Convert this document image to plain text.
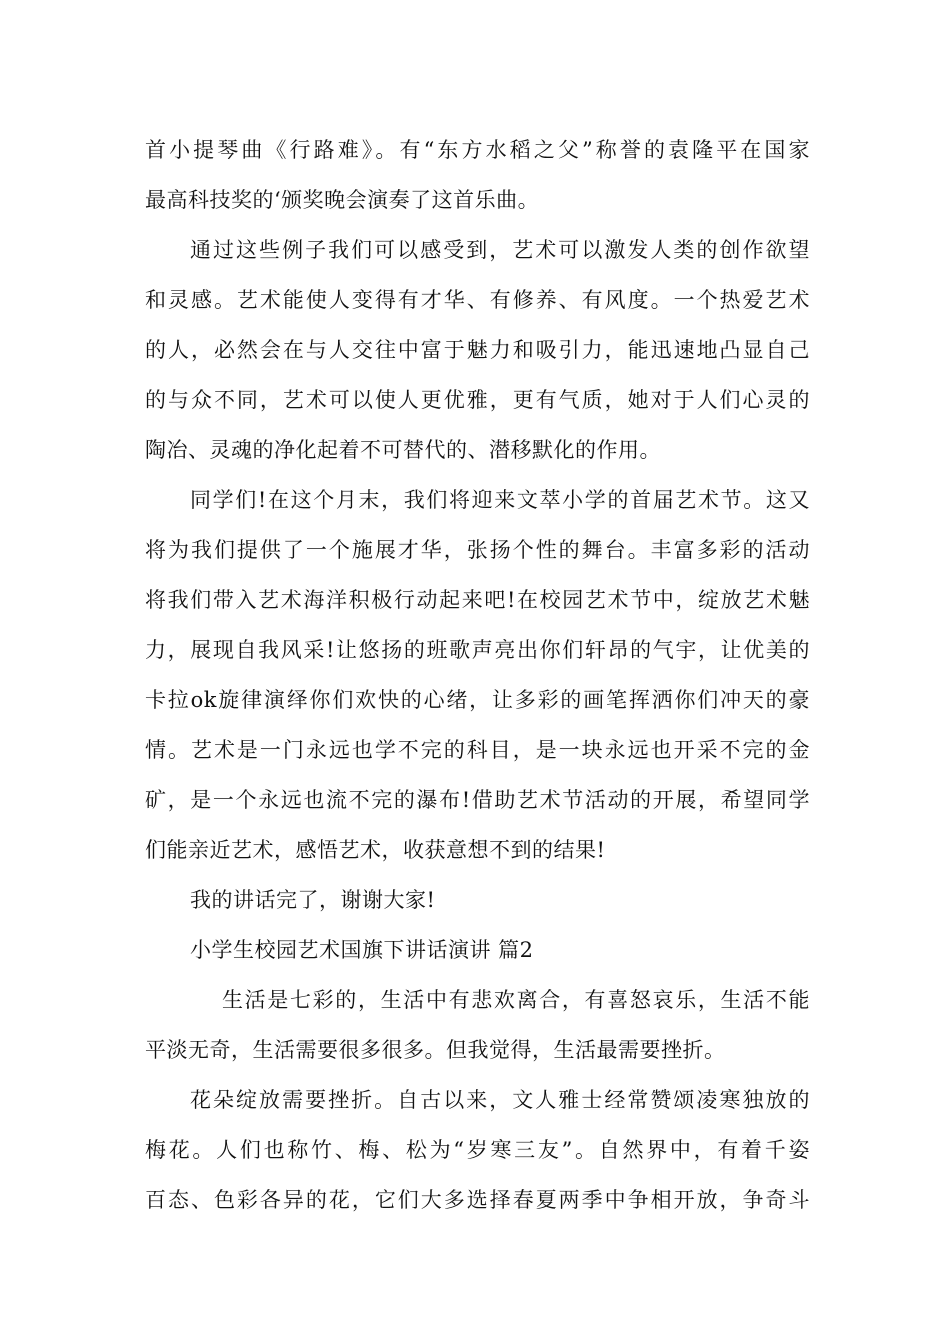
首小提琴曲《行路难》。有“东方水稻之父”称誉的袁隆平在国家
最高科技奖的‘颁奖晚会演奏了这首乐曲。
通过这些例子我们可以感受到，艺术可以激发人类的创作欲望
和灵感。艺术能使人变得有才华、有修养、有风度。一个热爱艺术
的人，必然会在与人交往中富于魅力和吸引力，能迅速地凸显自己
的与众不同，艺术可以使人更优雅，更有气质，她对于人们心灵的
陶冶、灵魂的净化起着不可替代的、潜移默化的作用。
同学们!在这个月末，我们将迎来文萃小学的首届艺术节。这又
将为我们提供了一个施展才华，张扬个性的舞台。丰富多彩的活动
将我们带入艺术海洋积极行动起来吧!在校园艺术节中，绽放艺术魅
力，展现自我风采!让悠扬的班歌声亮出你们轩昂的气宇，让优美的
卡拉ok旋律演绎你们欢快的心绪，让多彩的画笔挥洒你们冲天的豪
情。艺术是一门永远也学不完的科目，是一块永远也开采不完的金
矿，是一个永远也流不完的瀑布!借助艺术节活动的开展，希望同学
们能亲近艺术，感悟艺术，收获意想不到的结果!
我的讲话完了，谢谢大家!
小学生校园艺术国旗下讲话演讲 篇2
生活是七彩的，生活中有悲欢离合，有喜怒哀乐，生活不能
平淡无奇，生活需要很多很多。但我觉得，生活最需要挫折。
花朵绽放需要挫折。自古以来，文人雅士经常赞颂凌寒独放的
梅花。人们也称竹、梅、松为“岁寒三友”。自然界中，有着千姿
百态、色彩各异的花，它们大多选择春夏两季中争相开放，争奇斗
